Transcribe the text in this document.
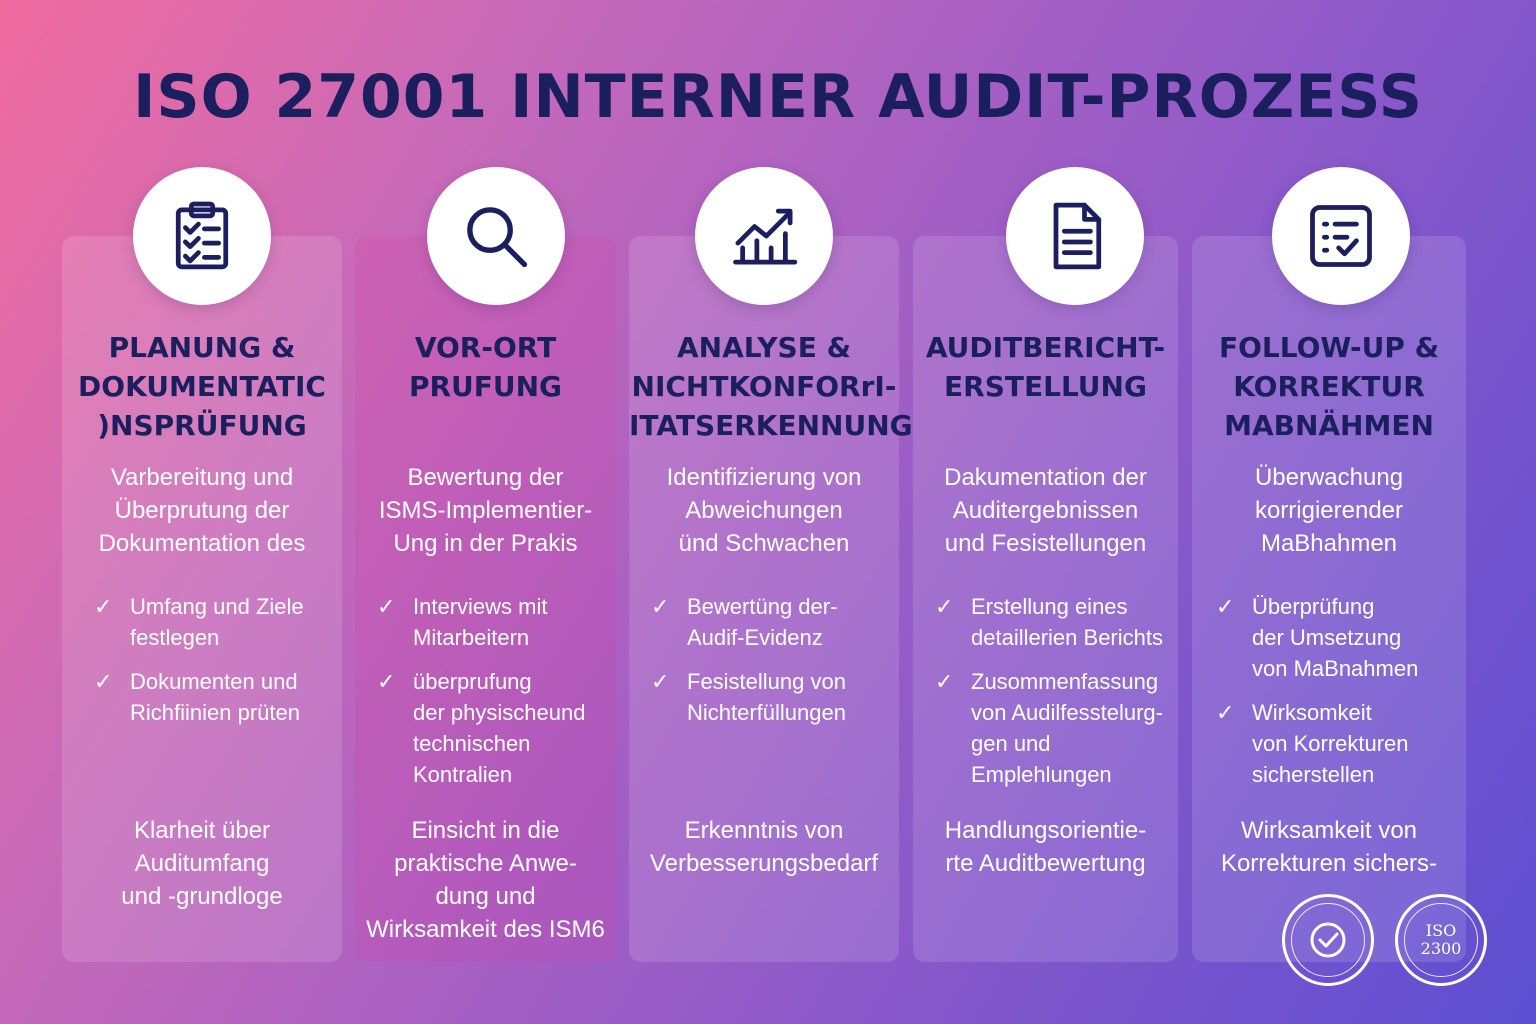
ISO 27001 INTERNER AUDIT-PROZESS
PLANUNG &
DOKUMENTATIC
)NSPRÜFUNG
Varbereitung und
Überprutung der
Dokumentation des
✓ Umfang und Ziele
festlegen
✓ Dokumenten und
Richfiinien prüten
Klarheit über
Auditumfang
und -grundloge
VOR-ORT
PRUFUNG
Bewertung der
ISMS-Implementier-
Ung in der Prakis
✓ Interviews mit
Mitarbeitern
✓ überprufung
der physischeund
technischen
Kontralien
Einsicht in die
praktische Anwe-
dung und
Wirksamkeit des ISM6
ANALYSE &
NICHTKONFORrI-
ITATSERKENNUNG
Identifizierung von
Abweichungen
ünd Schwachen
✓ Bewertüng der-
Audif-Evidenz
✓ Fesistellung von
Nichterfüllungen
Erkenntnis von
Verbesserungsbedarf
AUDITBERICHT-
ERSTELLUNG
Dakumentation der
Auditergebnissen
und Fesistellungen
✓ Erstellung eines
detaillerien Berichts
✓ Zusommenfassung
von Audilfesstelurg-
gen und
Emplehlungen
Handlungsorientie-
rte Auditbewertung
FOLLOW-UP &
KORREKTUR
MABNÄHMEN
Überwachung
korrigierender
MaBhahmen
✓ Überprüfung
der Umsetzung
von MaBnahmen
✓ Wirksomkeit
von Korrekturen
sicherstellen
Wirksamkeit von
Korrekturen sichers-
ISO
2300
